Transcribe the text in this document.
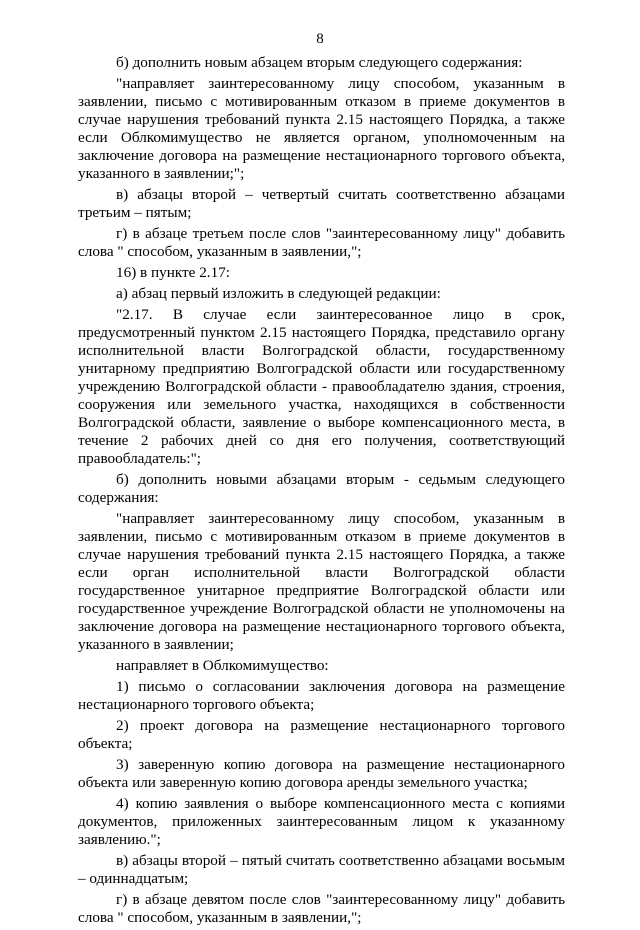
8

б) дополнить новым абзацем вторым следующего содержания:

"направляет заинтересованному лицу способом, указанным в заявлении, письмо с мотивированным отказом в приеме документов в случае нарушения требований пункта 2.15 настоящего Порядка, а также если Облкомимущество не является органом, уполномоченным на заключение договора на размещение нестационарного торгового объекта, указанного в заявлении;";

в) абзацы второй – четвертый считать соответственно абзацами третьим – пятым;

г) в абзаце третьем после слов "заинтересованному лицу" добавить слова " способом, указанным в заявлении,";

16) в пункте 2.17:

а) абзац первый изложить в следующей редакции:

"2.17. В случае если заинтересованное лицо в срок, предусмотренный пунктом 2.15 настоящего Порядка, представило органу исполнительной власти Волгоградской области, государственному унитарному предприятию Волгоградской области или государственному учреждению Волгоградской области - правообладателю здания, строения, сооружения или земельного участка, находящихся в собственности Волгоградской области, заявление о выборе компенсационного места, в течение 2 рабочих дней со дня его получения, соответствующий правообладатель:";

б) дополнить новыми абзацами вторым - седьмым следующего содержания:

"направляет заинтересованному лицу способом, указанным в заявлении, письмо с мотивированным отказом в приеме документов в случае нарушения требований пункта 2.15 настоящего Порядка, а также если орган исполнительной власти Волгоградской области государственное унитарное предприятие Волгоградской области или государственное учреждение Волгоградской области не уполномочены на заключение договора на размещение нестационарного торгового объекта, указанного в заявлении;

направляет в Облкомимущество:

1) письмо о согласовании заключения договора на размещение нестационарного торгового объекта;

2) проект договора на размещение нестационарного торгового объекта;

3) заверенную копию договора на размещение нестационарного объекта или заверенную копию договора аренды земельного участка;

4) копию заявления о выборе компенсационного места с копиями документов, приложенных заинтересованным лицом к указанному заявлению.";

в) абзацы второй – пятый считать соответственно абзацами восьмым – одиннадцатым;

г) в абзаце девятом после слов "заинтересованному лицу" добавить слова " способом, указанным в заявлении,";
